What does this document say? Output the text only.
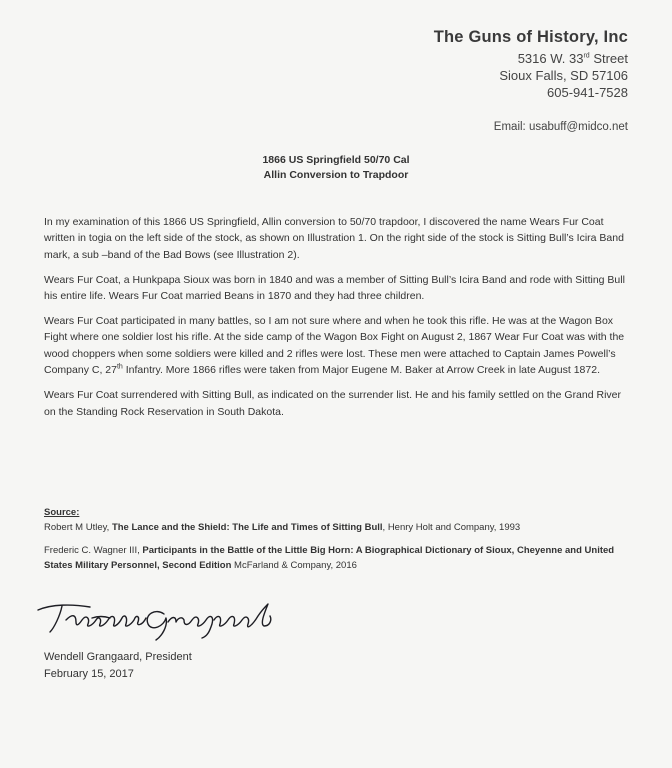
The Guns of History, Inc
5316 W. 33rd Street
Sioux Falls, SD 57106
605-941-7528
Email: usabuff@midco.net
1866 US Springfield 50/70 Cal
Allin Conversion to Trapdoor

In my examination of this 1866 US Springfield, Allin conversion to 50/70 trapdoor, I discovered the name Wears Fur Coat written in togia on the left side of the stock, as shown on Illustration 1. On the right side of the stock is Sitting Bull’s Icira Band mark, a sub –band of the Bad Bows (see Illustration 2).

Wears Fur Coat, a Hunkpapa Sioux was born in 1840 and was a member of Sitting Bull’s Icira Band and rode with Sitting Bull his entire life. Wears Fur Coat married Beans in 1870 and they had three children.

Wears Fur Coat participated in many battles, so I am not sure where and when he took this rifle. He was at the Wagon Box Fight where one soldier lost his rifle. At the side camp of the Wagon Box Fight on August 2, 1867 Wear Fur Coat was with the wood choppers when some soldiers were killed and 2 rifles were lost. These men were attached to Captain James Powell’s Company C, 27th Infantry. More 1866 rifles were taken from Major Eugene M. Baker at Arrow Creek in late August 1872.

Wears Fur Coat surrendered with Sitting Bull, as indicated on the surrender list. He and his family settled on the Grand River on the Standing Rock Reservation in South Dakota.

Source:
Robert M Utley, The Lance and the Shield: The Life and Times of Sitting Bull, Henry Holt and Company, 1993
Frederic C. Wagner III, Participants in the Battle of the Little Big Horn: A Biographical Dictionary of Sioux, Cheyenne and United States Military Personnel, Second Edition McFarland & Company, 2016
Wendell Grangaard, President
February 15, 2017
